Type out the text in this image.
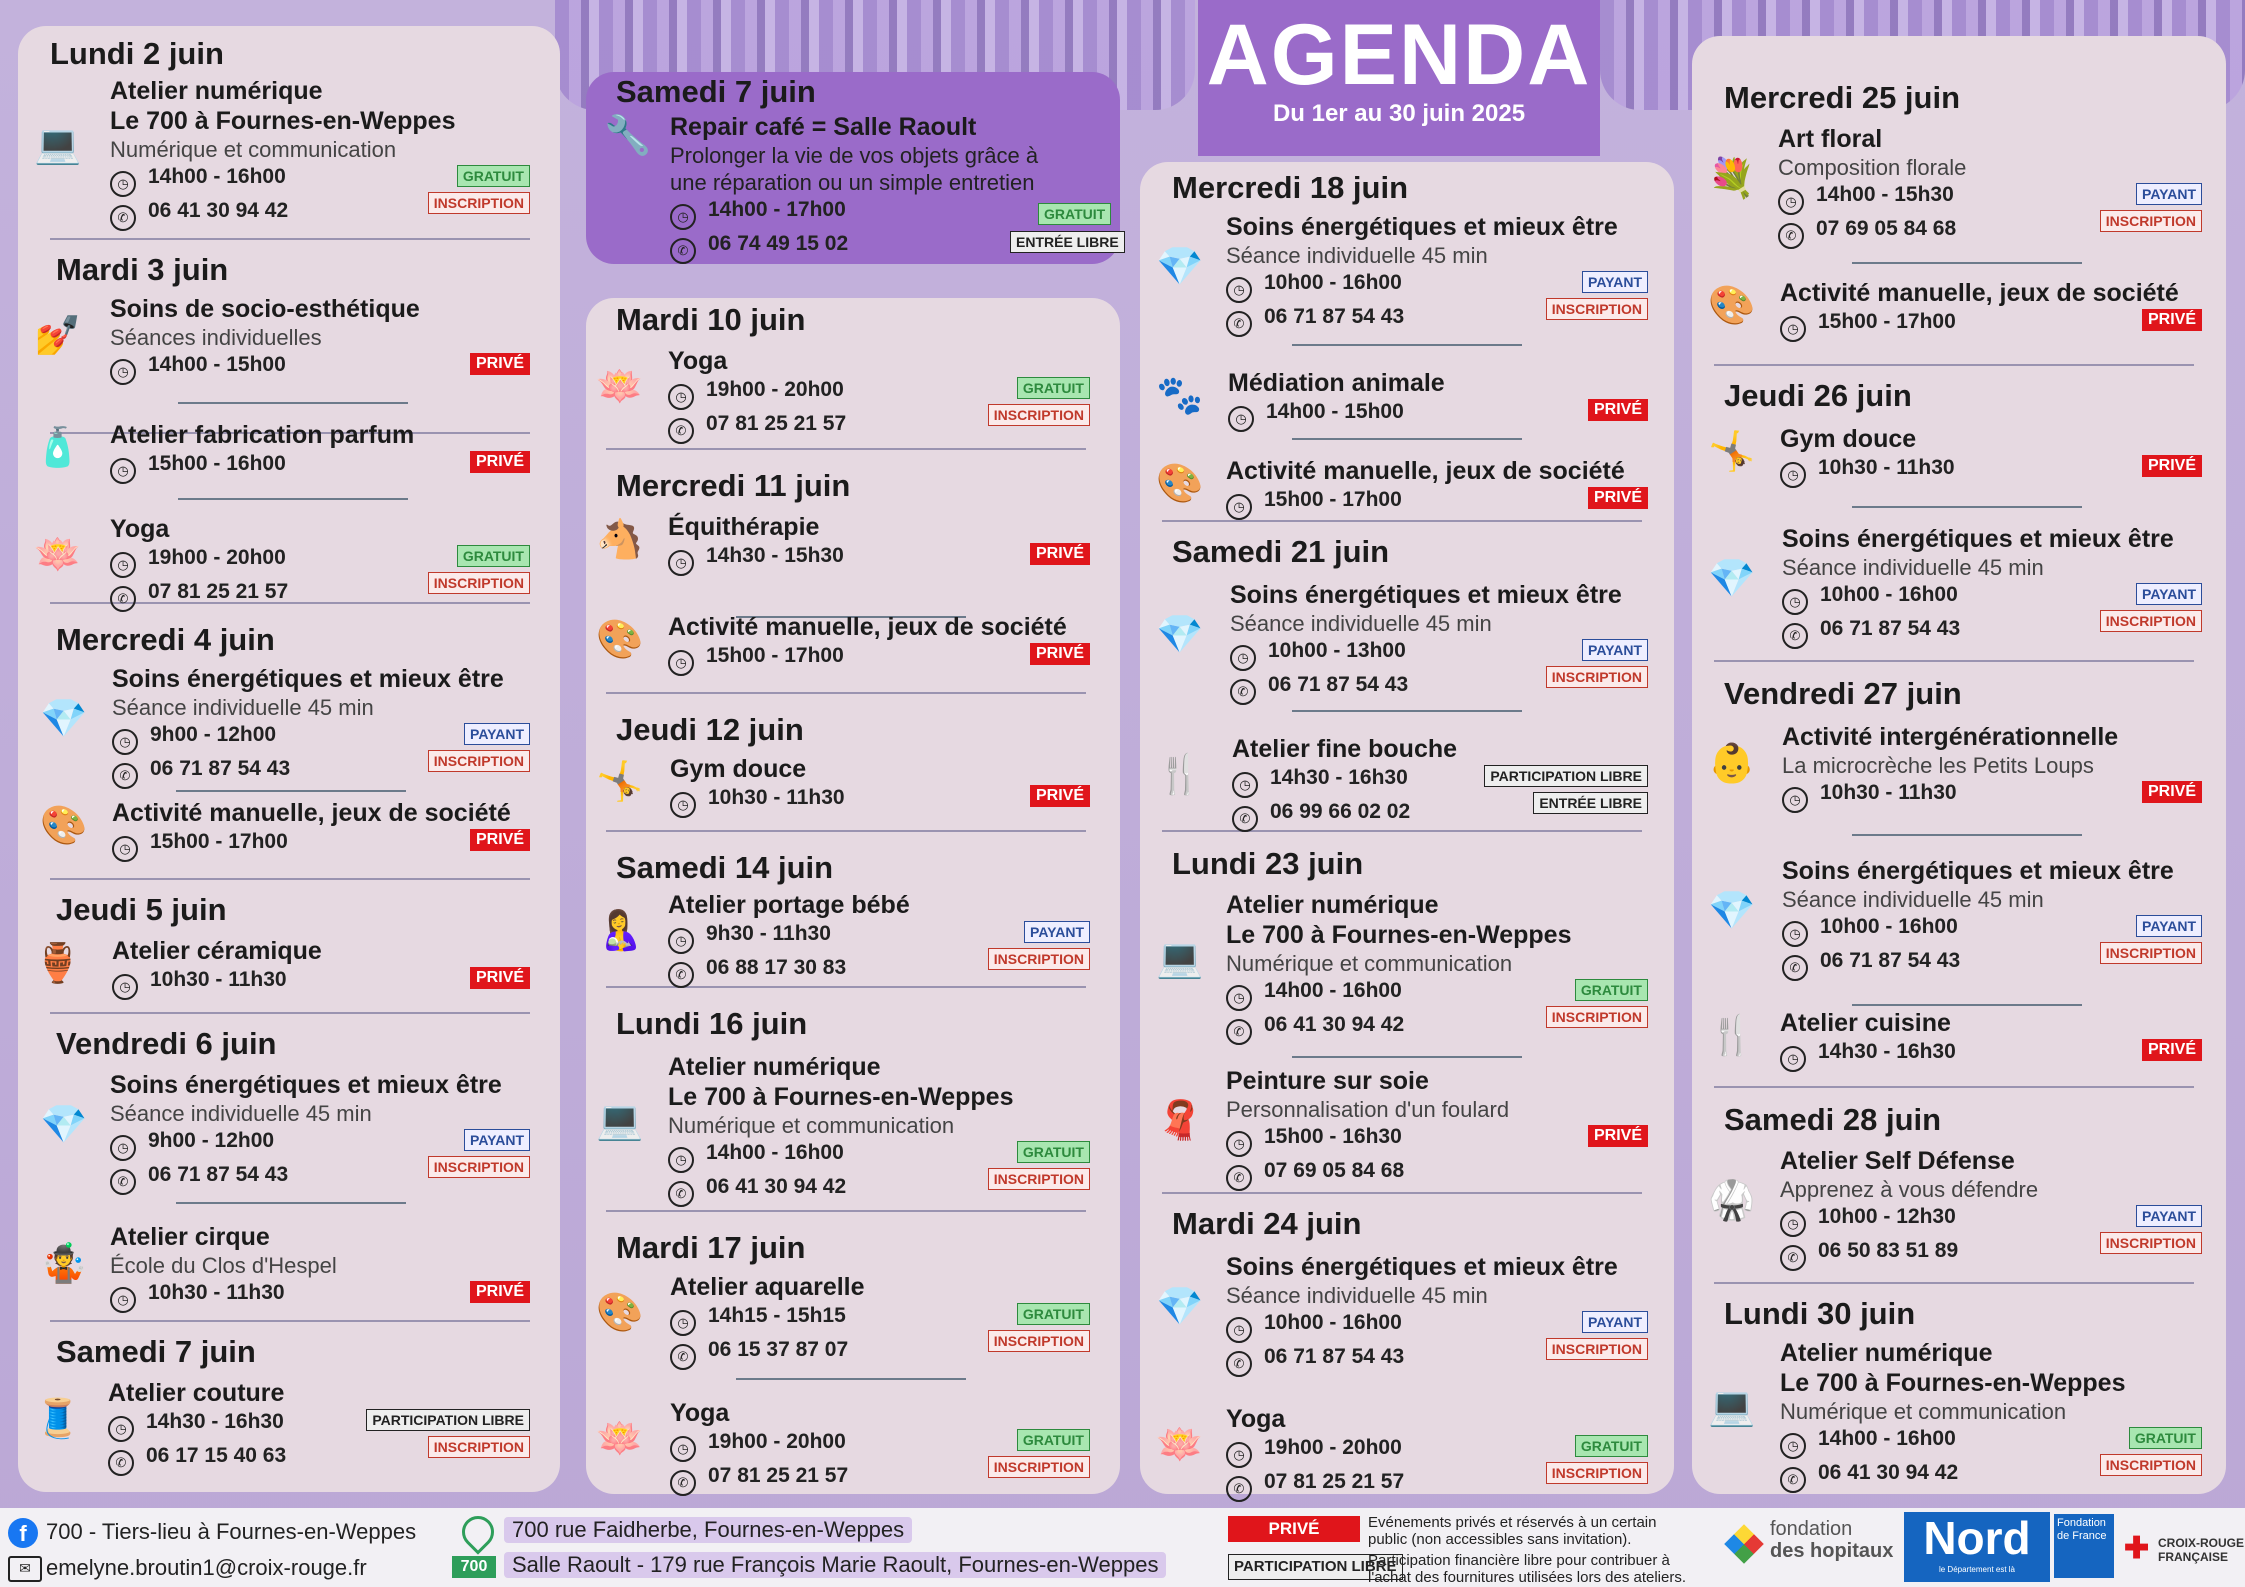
Samedi 7 juin
🔧 Repair café = Salle Raoult
Prolonger la vie de vos objets grâce à
une réparation ou un simple entretien
◷ 14h00 - 17h00
✆ 06 74 49 15 02
GRATUIT
ENTRÉE LIBRE
AGENDA
Du 1er au 30 juin 2025
Lundi 2 juin
Mardi 3 juin
Mercredi 4 juin
Jeudi 5 juin
Vendredi 6 juin
Samedi 7 juin
Mardi 10 juin
Mercredi 11 juin
Jeudi 12 juin
Samedi 14 juin
Lundi 16 juin
Mardi 17 juin
Mercredi 18 juin
Samedi 21 juin
Lundi 23 juin
Mardi 24 juin
Mercredi 25 juin
Jeudi 26 juin
Vendredi 27 juin
Samedi 28 juin
Lundi 30 juin
Atelier numérique
Le 700 à Fournes-en-Weppes
Numérique et communication
◷ 14h00 - 16h00
✆ 06 41 30 94 42
💻
GRATUIT
INSCRIPTION
Soins de socio-esthétique
Séances individuelles
◷ 14h00 - 15h00
💅
PRIVÉ
Atelier fabrication parfum
◷ 15h00 - 16h00
🧴	PRIVÉ
Yoga
◷ 19h00 - 20h00
✆ 07 81 25 21 57
🪷	GRATUIT
INSCRIPTION
Soins énergétiques et mieux être
Séance individuelle 45 min
◷ 9h00 - 12h00
✆ 06 71 87 54 43
💎	PAYANT
INSCRIPTION
Activité manuelle, jeux de société
◷ 15h00 - 17h00
🎨	PRIVÉ
Atelier céramique
◷ 10h30 - 11h30
🏺	PRIVÉ
Soins énergétiques et mieux être
Séance individuelle 45 min
◷ 9h00 - 12h00
✆ 06 71 87 54 43
💎	PAYANT
INSCRIPTION
Atelier cirque
École du Clos d'Hespel
◷ 10h30 - 11h30
🤹
PRIVÉ
Atelier couture
◷ 14h30 - 16h30
✆ 06 17 15 40 63
🧵	PARTICIPATION LIBRE
INSCRIPTION
Yoga
◷ 19h00 - 20h00
✆ 07 81 25 21 57
🪷	GRATUIT
INSCRIPTION
Équithérapie
◷ 14h30 - 15h30
🐴	PRIVÉ
Activité manuelle, jeux de société
◷ 15h00 - 17h00
🎨	PRIVÉ
Gym douce
◷ 10h30 - 11h30
🤸	PRIVÉ
Atelier portage bébé
◷ 9h30 - 11h30
✆ 06 88 17 30 83
🤱	PAYANT
INSCRIPTION
Atelier numérique
Le 700 à Fournes-en-Weppes
Numérique et communication
◷ 14h00 - 16h00
✆ 06 41 30 94 42
💻
GRATUIT
INSCRIPTION
Atelier aquarelle
◷ 14h15 - 15h15
✆ 06 15 37 87 07
🎨	GRATUIT
INSCRIPTION
Yoga
◷ 19h00 - 20h00
✆ 07 81 25 21 57
🪷	GRATUIT
INSCRIPTION
Soins énergétiques et mieux être
Séance individuelle 45 min
◷ 10h00 - 16h00
✆ 06 71 87 54 43
💎	PAYANT
INSCRIPTION
Médiation animale
◷ 14h00 - 15h00
🐾	PRIVÉ
Activité manuelle, jeux de société
◷ 15h00 - 17h00
🎨	PRIVÉ
Soins énergétiques et mieux être
Séance individuelle 45 min
◷ 10h00 - 13h00
✆ 06 71 87 54 43
💎	PAYANT
INSCRIPTION
Atelier fine bouche
◷ 14h30 - 16h30
✆ 06 99 66 02 02
🍴	PARTICIPATION LIBRE
ENTRÉE LIBRE
Atelier numérique
Le 700 à Fournes-en-Weppes
Numérique et communication
◷ 14h00 - 16h00
✆ 06 41 30 94 42
💻
GRATUIT
INSCRIPTION
Peinture sur soie
Personnalisation d'un foulard
◷ 15h00 - 16h30
✆ 07 69 05 84 68
🧣	PRIVÉ
Soins énergétiques et mieux être
Séance individuelle 45 min
◷ 10h00 - 16h00
✆ 06 71 87 54 43
💎	PAYANT
INSCRIPTION
Yoga
◷ 19h00 - 20h00
✆ 07 81 25 21 57
🪷	GRATUIT
INSCRIPTION
Art floral
Composition florale
◷ 14h00 - 15h30
✆ 07 69 05 84 68
💐	PAYANT
INSCRIPTION
Activité manuelle, jeux de société
◷ 15h00 - 17h00
🎨	PRIVÉ
Gym douce
◷ 10h30 - 11h30
🤸	PRIVÉ
Soins énergétiques et mieux être
Séance individuelle 45 min
◷ 10h00 - 16h00
✆ 06 71 87 54 43
💎	PAYANT
INSCRIPTION
Activité intergénérationnelle
La microcrèche les Petits Loups
◷ 10h30 - 11h30
👶
PRIVÉ
Soins énergétiques et mieux être
Séance individuelle 45 min
◷ 10h00 - 16h00
✆ 06 71 87 54 43
💎	PAYANT
INSCRIPTION
Atelier cuisine
◷ 14h30 - 16h30
🍴	PRIVÉ
Atelier Self Défense
Apprenez à vous défendre
◷ 10h00 - 12h30
✆ 06 50 83 51 89
🥋	PAYANT
INSCRIPTION
Atelier numérique
Le 700 à Fournes-en-Weppes
Numérique et communication
◷ 14h00 - 16h00
✆ 06 41 30 94 42
💻
GRATUIT
INSCRIPTION
f 700 - Tiers-lieu à Fournes-en-Weppes
✉ emelyne.broutin1@croix-rouge.fr
700 rue Faidherbe, Fournes-en-Weppes
700	Salle Raoult - 179 rue François Marie Raoult, Fournes-en-Weppes
PRIVÉ	Evénements privés et réservés à un certain
public (non accessibles sans invitation).
PARTICIPATION LIBRE
Participation financière libre pour contribuer à
l'achat des fournitures utilisées lors des ateliers.
fondation
des hopitaux Nord
le Département est là
Fondation de France ✚ CROIX-ROUGE
FRANÇAISE
